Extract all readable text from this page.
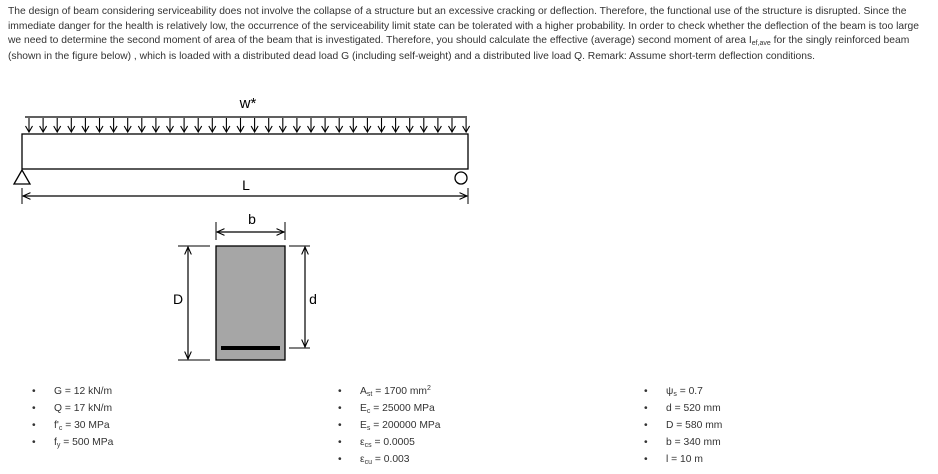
The design of beam considering serviceability does not involve the collapse of a structure but an excessive cracking or deflection. Therefore, the functional use of the structure is disrupted. Since the immediate danger for the health is relatively low, the occurrence of the serviceability limit state can be tolerated with a higher probability. In order to check whether the deflection of the beam is too large we need to determine the second moment of area of the beam that is investigated. Therefore, you should calculate the effective (average) second moment of area Ief,ave for the singly reinforced beam (shown in the figure below) , which is loaded with a distributed dead load G (including self-weight) and a distributed live load Q. Remark: Assume short-term deflection conditions.
w*
L
b
D	d
• G = 12 kN/m
• Q = 17 kN/m
• $f'_c = 30$ MPa
• $f_y = 500$ MPa
• $A_{st} = 1700$ $mm^2$
• $E_c = 25000$ MPa
• $E_s = 200000$ MPa
• $\varepsilon_{cs} = 0.0005$
• $\varepsilon_{cu} = 0.003$
• $\psi_s = 0.7$
• d = 520 mm
• D = 580 mm
• b = 340 mm
• l = 10 m
